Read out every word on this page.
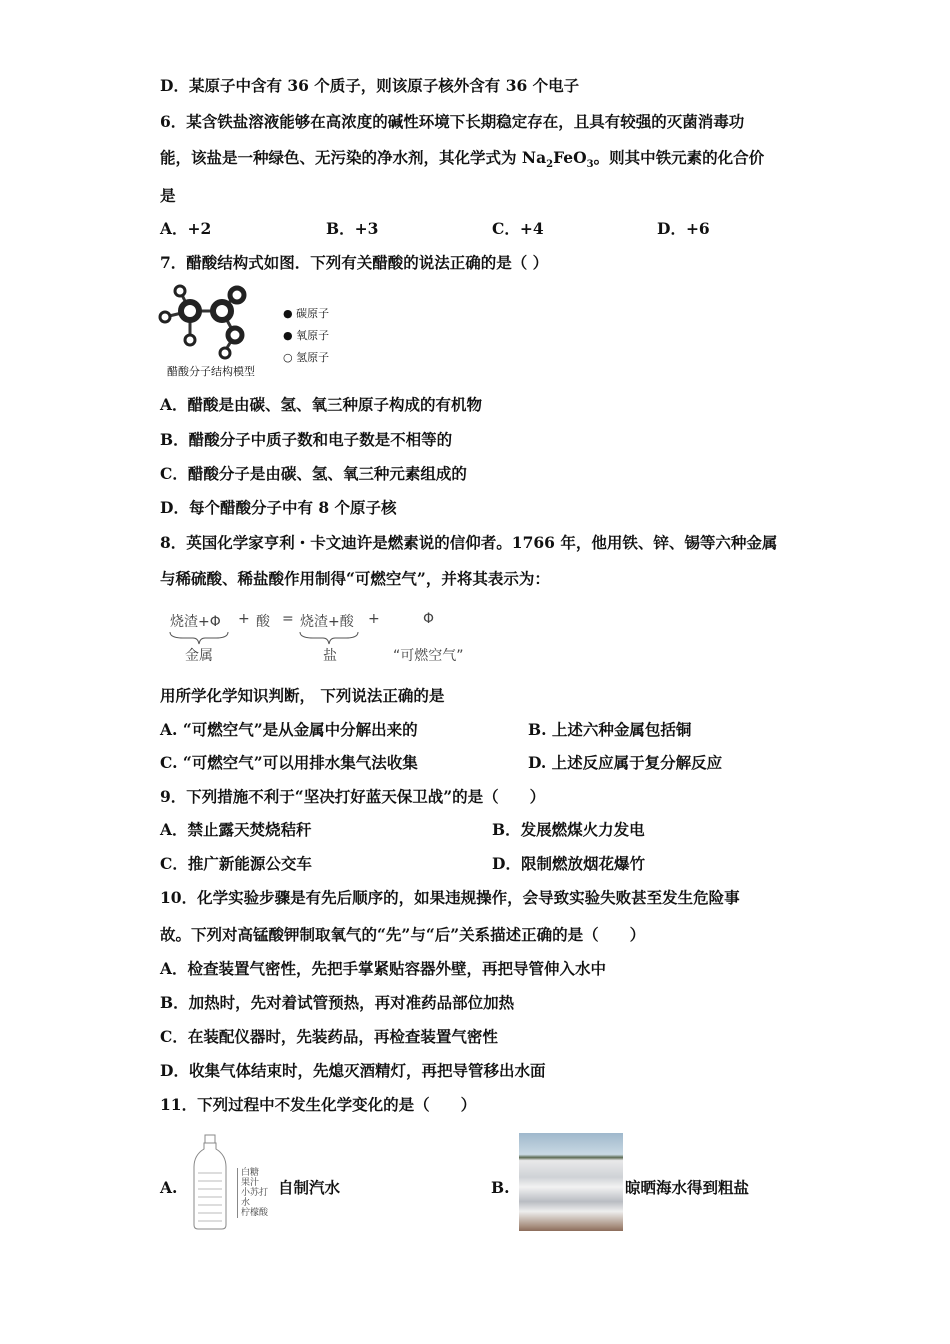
D．某原子中含有 36 个质子，则该原子核外含有 36 个电子
6．某含铁盐溶液能够在高浓度的碱性环境下长期稳定存在，且具有较强的灭菌消毒功
能，该盐是一种绿色、无污染的净水剂，其化学式为 $Na_2FeO_3$。则其中铁元素的化合价
是
A．+2	B．+3	C．+4	D．+6
7．醋酸结构式如图．下列有关醋酸的说法正确的是（ ）
醋酸分子结构模型
● 碳原子
● 氧原子
○ 氢原子
A．醋酸是由碳、氢、氧三种原子构成的有机物
B．醋酸分子中质子数和电子数是不相等的
C．醋酸分子是由碳、氢、氧三种元素组成的
D．每个醋酸分子中有 8 个原子核
8．英国化学家亨利・卡文迪许是燃素说的信仰者。1766 年，他用铁、锌、锡等六种金属
与稀硫酸、稀盐酸作用制得“可燃空气”，并将其表示为：
烧渣+Φ + 酸 = 烧渣+酸 +	Φ
金属	盐	“可燃空气”
用所学化学知识判断， 下列说法正确的是
A. “可燃空气”是从金属中分解出来的	B. 上述六种金属包括铜
C. “可燃空气”可以用排水集气法收集	D. 上述反应属于复分解反应
9．下列措施不利于“坚决打好蓝天保卫战”的是（　　）
A．禁止露天焚烧秸秆	B．发展燃煤火力发电
C．推广新能源公交车	D．限制燃放烟花爆竹
10．化学实验步骤是有先后顺序的，如果违规操作，会导致实验失败甚至发生危险事
故。下列对高锰酸钾制取氧气的“先”与“后”关系描述正确的是（　　）
A．检查装置气密性，先把手掌紧贴容器外壁，再把导管伸入水中
B．加热时，先对着试管预热，再对准药品部位加热
C．在装配仪器时，先装药品，再检查装置气密性
D．收集气体结束时，先熄灭酒精灯，再把导管移出水面
11．下列过程中不发生化学变化的是（　　）
A.
白糖
果汁
小苏打
水
柠檬酸
自制汽水	B.	晾晒海水得到粗盐
